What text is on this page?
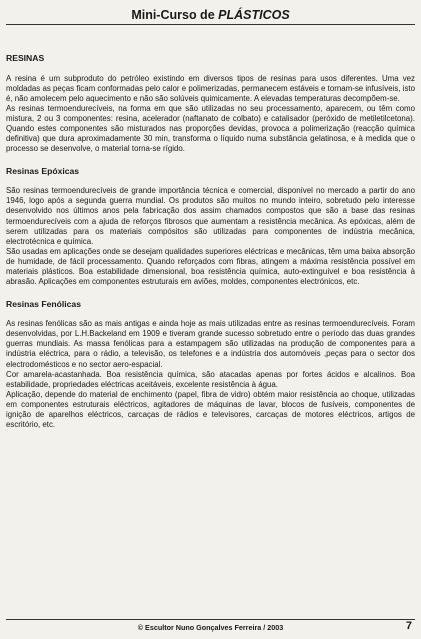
Mini-Curso de PLÁSTICOS
RESINAS

A resina é um subproduto do petróleo existindo em diversos tipos de resinas para usos diferentes. Uma vez moldadas as peças ficam conformadas pelo calor e polimerizadas, permanecem estáveis e tornam-se infusíveis, isto é, não amolecem pelo aquecimento e não são solúveis quimicamente. A elevadas temperaturas decompõem-se.

As resinas termoendurecíveis, na forma em que são utilizadas no seu processamento, aparecem, ou têm como mistura, 2 ou 3 componentes: resina, acelerador (naftanato de colbato) e catalisador (peróxido de metiletilcetona). Quando estes componentes são misturados nas proporções devidas, provoca a polimerização (reacção química definitiva) que dura aproximadamente 30 min, transforma o líquido numa substância gelatinosa, e à medida que o processo se desenvolve, o material torna-se rígido.

Resinas Epóxicas

São resinas termoendurecíveis de grande importância técnica e comercial, disponível no mercado a partir do ano 1946, logo após a segunda guerra mundial. Os produtos são muitos no mundo inteiro, sobretudo pelo interesse desenvolvido nos últimos anos pela fabricação dos assim chamados compostos que são a base das resinas termoendurecíveis com a ajuda de reforços fibrosos que aumentam a resistência mecânica. As epóxicas, além de serem utilizadas para os materiais compósitos são utilizadas para componentes de indústria mecânica, electrotécnica e química.

São usadas em aplicações onde se desejam qualidades superiores eléctricas e mecânicas, têm uma baixa absorção de humidade, de fácil processamento. Quando reforçados com fibras, atingem a máxima resistência possível em materiais plásticos. Boa estabilidade dimensional, boa resistência química, auto-extinguível e boa resistência à abrasão. Aplicações em componentes estruturais em aviões, moldes, componentes electrónicos, etc.

Resinas Fenólicas

As resinas fenólicas são as mais antigas e ainda hoje as mais utilizadas entre as resinas termoendurecíveis. Foram desenvolvidas, por L.H.Backeland em 1909 e tiveram grande sucesso sobretudo entre o período das duas grandes guerras mundiais. As massa fenólicas para a estampagem são utilizadas na produção de componentes para a indústria eléctrica, para o rádio, a televisão, os telefones e a indústria dos automóveis ,peças para o sector dos electrodomésticos e no sector aero-espacial.

Cor amarela-acastanhada. Boa resistência química, são atacadas apenas por fortes ácidos e alcalinos. Boa estabilidade, propriedades eléctricas aceitáveis, excelente resistência à água.

Aplicação, depende do material de enchimento (papel, fibra de vidro) obtém maior resistência ao choque, utilizadas em componentes estruturais eléctricos, agitadores de máquinas de lavar, blocos de fusíveis, componentes de ignição de aparelhos eléctricos, carcaças de rádios e televisores, carcaças de motores eléctricos, artigos de escritório, etc.

© Escultor Nuno Gonçalves Ferreira / 2003	7
